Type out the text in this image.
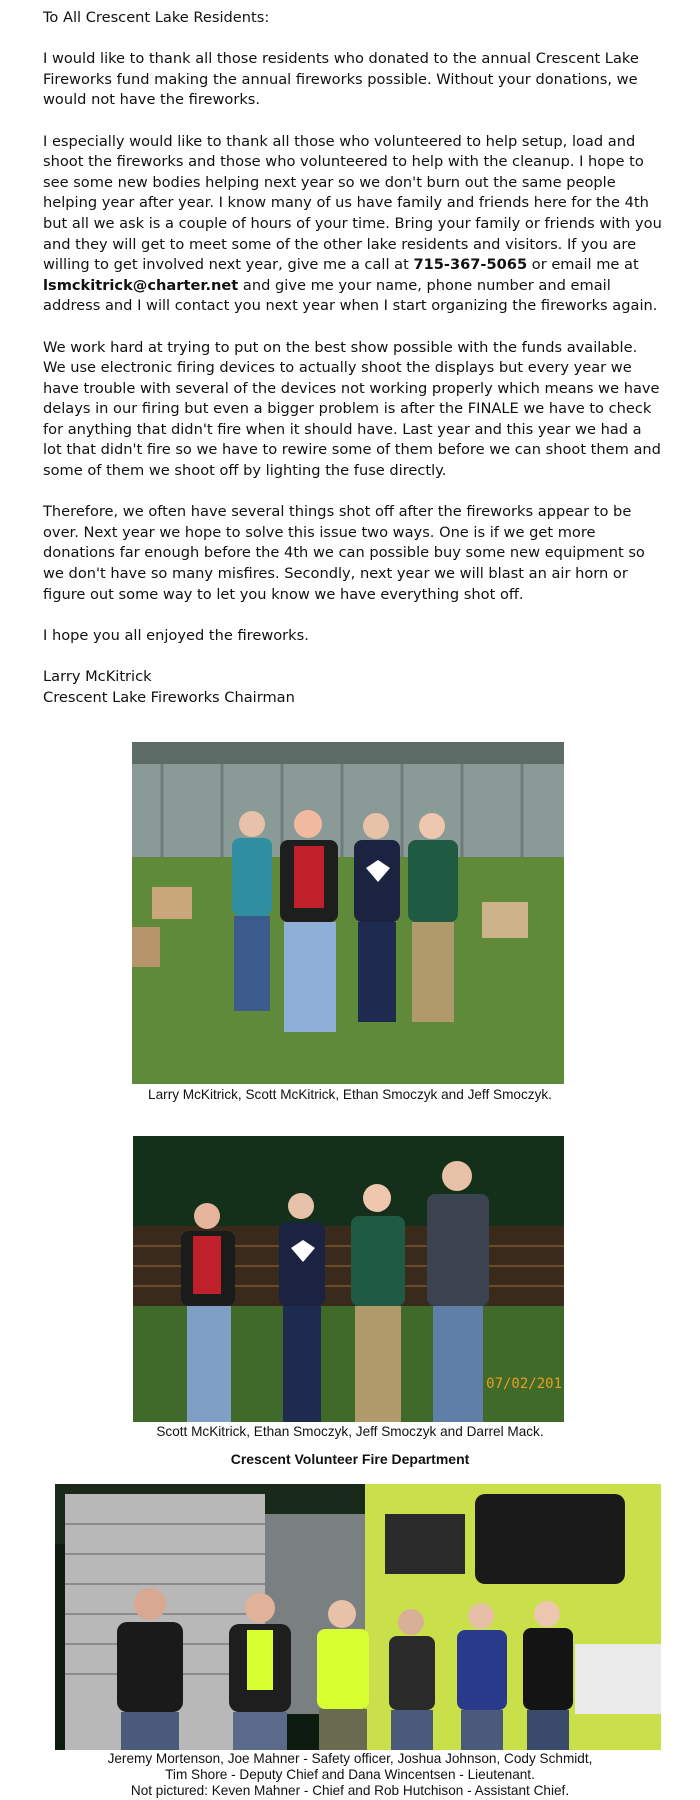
To All Crescent Lake Residents:

I would like to thank all those residents who donated to the annual Crescent Lake Fireworks fund making the annual fireworks possible. Without your donations, we would not have the fireworks.

I especially would like to thank all those who volunteered to help setup, load and shoot the fireworks and those who volunteered to help with the cleanup. I hope to see some new bodies helping next year so we don't burn out the same people helping year after year. I know many of us have family and friends here for the 4th but all we ask is a couple of hours of your time. Bring your family or friends with you and they will get to meet some of the other lake residents and visitors. If you are willing to get involved next year, give me a call at 715-367-5065 or email me at lsmckitrick@charter.net and give me your name, phone number and email address and I will contact you next year when I start organizing the fireworks again.

We work hard at trying to put on the best show possible with the funds available. We use electronic firing devices to actually shoot the displays but every year we have trouble with several of the devices not working properly which means we have delays in our firing but even a bigger problem is after the FINALE we have to check for anything that didn't fire when it should have. Last year and this year we had a lot that didn't fire so we have to rewire some of them before we can shoot them and some of them we shoot off by lighting the fuse directly.

Therefore, we often have several things shot off after the fireworks appear to be over. Next year we hope to solve this issue two ways. One is if we get more donations far enough before the 4th we can possible buy some new equipment so we don't have so many misfires. Secondly, next year we will blast an air horn or figure out some way to let you know we have everything shot off.

I hope you all enjoyed the fireworks.

Larry McKitrick

Crescent Lake Fireworks Chairman

Larry McKitrick, Scott McKitrick, Ethan Smoczyk and Jeff Smoczyk.
07/02/201
Scott McKitrick, Ethan Smoczyk, Jeff Smoczyk and Darrel Mack.
Crescent Volunteer Fire Department
Jeremy Mortenson, Joe Mahner - Safety officer, Joshua Johnson, Cody Schmidt,
Tim Shore - Deputy Chief and Dana Wincentsen - Lieutenant.
Not pictured: Keven Mahner - Chief and Rob Hutchison - Assistant Chief.
